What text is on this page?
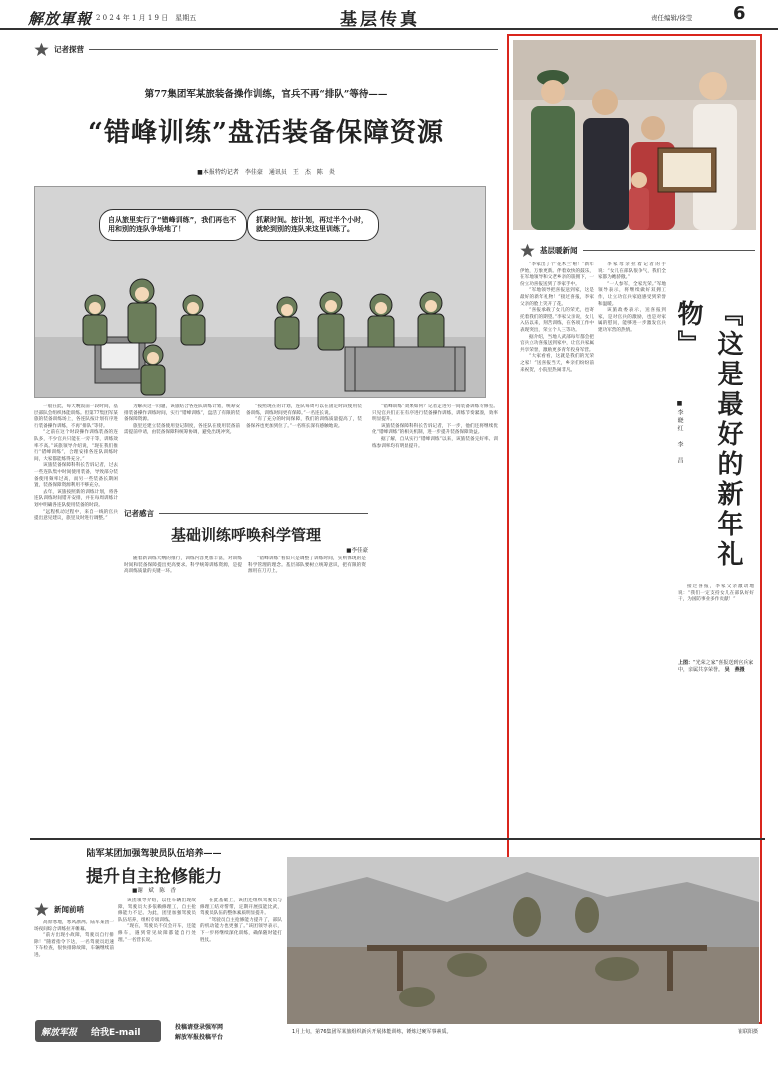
解放軍報 2 0 2 4 年 1 月 1 9 日　星期五	基层传真	责任编辑/徐莹 6
记者探营
第77集团军某旅装备操作训练，官兵不再“排队”等待——
“错峰训练”盘活装备保障资源
■本报特约记者　李佳豪　通讯员　王　杰　陈　炎
自从旅里实行了“错峰训练”，我们再也不用和别的连队争场地了！
抓紧时间。按计划，再过半个小时，就轮到别的连队来这里训练了。

一般在此，每天晚饭前一段时间，基层部队会组织体能训练。但第77集团军某旅的装备训练场上，各连队按计划有序进行装备操作训练，不再“排队”等待。

“之前在这个时段操作训练装备的连队多，不少官兵只能在一旁干等，训练效率不高。”该旅领导介绍说，“现在我们推行“错峰训练”，合理安排各连队训练时间，大家都能练得充分。”

该旅装备保障科科长告诉记者，过去一些连队集中时间使用装备，导致部分装备使用频率过高，而另一些装备长期闲置，装备保障资源利用不够充分。

去年，该旅按照新的训练计划，将各连队训练时间错开安排，并在每周训练计划中明确各连队使用装备的时段。

“远程机动过程中，来自一线的官兵提出意见建议，旅里及时进行调整。”

为解决这一问题，该旅结合各连队训练计划，统筹安排装备操作训练时间，实行“错峰训练”，盘活了有限的装备保障资源。

旅里还建立装备使用登记制度，各连队在使用装备前需提前申请，由装备保障科统筹协调，避免出现冲突。

“按照现在的计划，连队每周可以在固定时段使用装备训练，训练时间更有保障。”一名连长说。

“有了充分的时间保障，我们的训练质量提高了，装备保养也更加到位了。”一名班长深有感触地说。

“错峰训练”效果如何？记者走进另一间装备训练专修室。只见官兵们正在有序进行装备操作训练，训练节奏紧凑，效率明显提升。

该旅装备保障科科长告诉记者，下一步，他们还将继续优化“错峰训练”的相关机制，进一步提升装备保障效益。

据了解，自从实行“错峰训练”以来，该旅装备完好率、训练参训率均有明显提升。

记者感言
基础训练呼唤科学管理
■李佳豪

随着新训练大纲的推行，训练内容更加丰富，对训练时间和装备保障提出更高要求。科学统筹训练资源，是提高训练质量的关键一环。

“错峰训练”看似只是调整了训练时间，实则体现的是科学管理的理念。基层部队要树立统筹意识，把有限的资源用在刀刃上。

基层暖新闻
『这是最好的新年礼物』
■李晓红　李　昌

“李家出了个‘花木兰’啦！”新年伊始，万象更新。伴着欢快的鼓乐，在军地领导和父老乡亲的簇拥下，一份立功喜报送到了李家手中。

“军地领导把喜报送到家，这是最好的新年礼物！”接过喜报，李家父亲的脸上笑开了花。

“喜报承载了女儿的荣光，也寄托着我们的期望。”李家父亲说，女儿入伍以来，刻苦训练，在各项工作中表现突出，荣立个人三等功。

据介绍，当地人武部每年都会把官兵立功喜报送到家中，让官兵家属共享荣誉，激励更多青年投身军营。

“大家看看，这就是我们的光荣之家！”送喜报当天，乡亲们纷纷前来祝贺，小院里热闹非凡。

李家母亲拉着记者的手说：“女儿在部队很争气，我们全家都为她骄傲。”

“一人参军，全家光荣。”军地领导表示，将继续做好双拥工作，让立功官兵家庭感受到荣誉和温暖。

该旅政委表示，送喜报到家，是对官兵的激励，也是对家属的慰问，能够进一步激发官兵建功军营的热情。

接过喜报，李家父亲激动地说：“我们一定支持女儿在部队好好干，为国防事业多作贡献！”

上图：“光荣之家”喜报送到官兵家中，亲属共享荣誉。 吴　燕摄
陆军某团加强驾驶员队伍培养——
提升自主抢修能力
■谢　斌　陈　香
新闻前哨

高原寒地，寒风凛冽。陆军某团一场夜间综合训练拉开帷幕。

“前方出现小故障，驾驶员自行排除！”随着指令下达，一名驾驶员迅速下车检查，很快排除故障，车辆继续前进。

该团领导介绍，以往车辆出现故障，驾驶员大多依赖修理工，自主抢修能力不足。为此，团里加强驾驶员队伍培养，组织专项训练。

“现在，驾驶员不仅会开车，还能修车，遇到常见故障都能自行处理。”一名营长说。

在此基础上，该团还组织驾驶员与修理工结对帮带，定期开展技能比武，驾驶员队伍的整体素质明显提升。

“驾驶员自主抢修能力提升了，部队的机动能力也更强了。”该团领导表示，下一步将继续深化训练，确保随时能打胜仗。

1月上旬，第76集团军某旅组织新兵开展体能训练，锤炼过硬军事素质。	崔联阳摄
解放军报 给我E-mail
投稿请登录强军网
解放军报投稿平台
